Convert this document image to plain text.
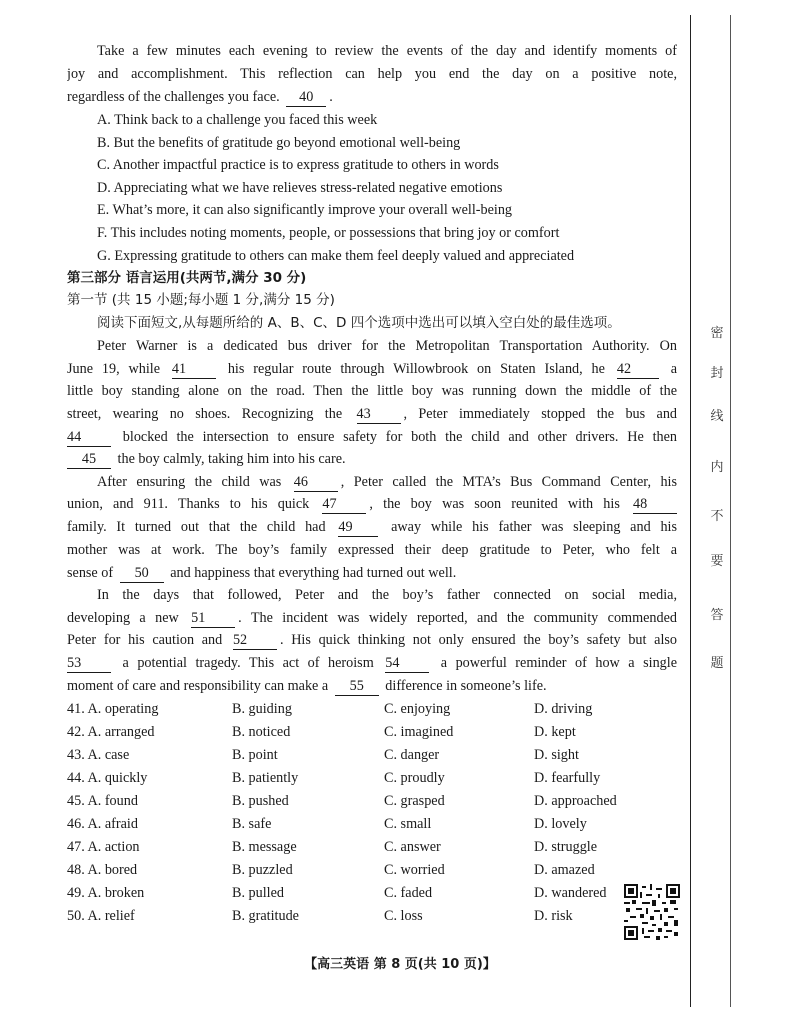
Take a few minutes each evening to review the events of the day and identify moments of
joy and accomplishment. This reflection can help you end the day on a positive note,
regardless of the challenges you face. 40 .
A. Think back to a challenge you faced this week
B. But the benefits of gratitude go beyond emotional well-being
C. Another impactful practice is to express gratitude to others in words
D. Appreciating what we have relieves stress-related negative emotions
E. What’s more, it can also significantly improve your overall well-being
F. This includes noting moments, people, or possessions that bring joy or comfort
G. Expressing gratitude to others can make them feel deeply valued and appreciated
第三部分 语言运用(共两节,满分 30 分)
第一节 (共 15 小题;每小题 1 分,满分 15 分)
阅读下面短文,从每题所给的 A、B、C、D 四个选项中选出可以填入空白处的最佳选项。
Peter Warner is a dedicated bus driver for the Metropolitan Transportation Authority. On
June 19, while 41	his regular route through Willowbrook on Staten Island, he 42	a
little boy standing alone on the road. Then the little boy was running down the middle of the
street, wearing no shoes. Recognizing the 43 , Peter immediately stopped the bus and
44	blocked the intersection to ensure safety for both the child and other drivers. He then
45 the boy calmly, taking him into his care.
After ensuring the child was 46 , Peter called the MTA’s Bus Command Center, his
union, and 911. Thanks to his quick 47 , the boy was soon reunited with his 48
family. It turned out that the child had 49	away while his father was sleeping and his
mother was at work. The boy’s family expressed their deep gratitude to Peter, who felt a
sense of 50 and happiness that everything had turned out well.
In the days that followed, Peter and the boy’s father connected on social media,
developing a new 51 . The incident was widely reported, and the community commended
Peter for his caution and 52 . His quick thinking not only ensured the boy’s safety but also
53	a potential tragedy. This act of heroism 54	a powerful reminder of how a single
moment of care and responsibility can make a 55 difference in someone’s life.
41. A. operating	B. guiding	C. enjoying	D. driving
42. A. arranged	B. noticed	C. imagined	D. kept
43. A. case	B. point	C. danger	D. sight
44. A. quickly	B. patiently	C. proudly	D. fearfully
45. A. found	B. pushed	C. grasped	D. approached
46. A. afraid	B. safe	C. small	D. lovely
47. A. action	B. message	C. answer	D. struggle
48. A. bored	B. puzzled	C. worried	D. amazed
49. A. broken	B. pulled	C. faded	D. wandered
50. A. relief	B. gratitude	C. loss	D. risk
密
封
线
内
不
要
答
题
【高三英语 第 8 页(共 10 页)】
